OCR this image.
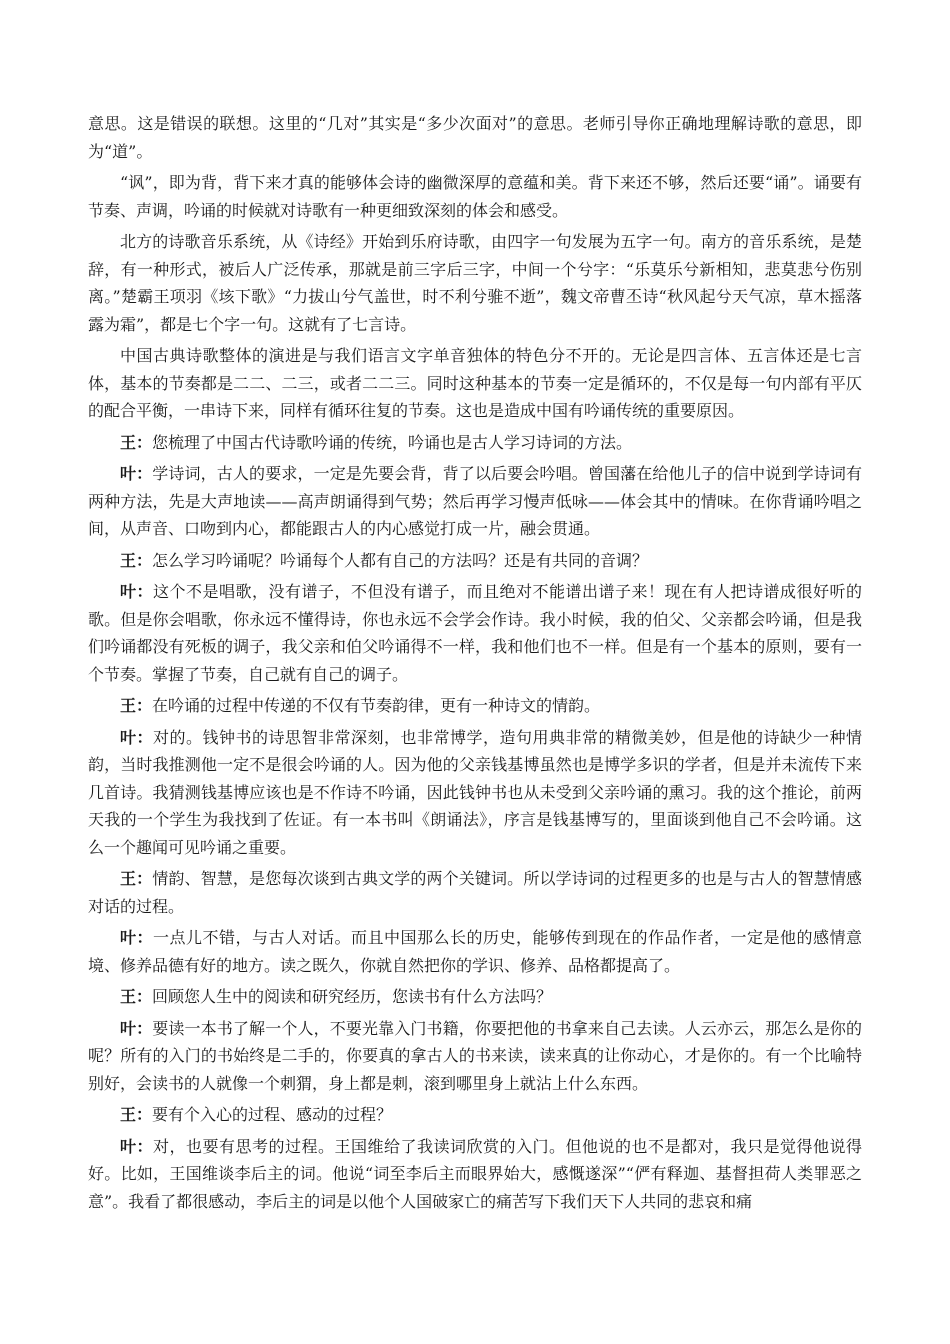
意思。这是错误的联想。这里的“几对”其实是“多少次面对”的意思。老师引导你正确地理解诗歌的意思，即为“道”。

“讽”，即为背，背下来才真的能够体会诗的幽微深厚的意蕴和美。背下来还不够，然后还要“诵”。诵要有节奏、声调，吟诵的时候就对诗歌有一种更细致深刻的体会和感受。

北方的诗歌音乐系统，从《诗经》开始到乐府诗歌，由四字一句发展为五字一句。南方的音乐系统，是楚辞，有一种形式，被后人广泛传承，那就是前三字后三字，中间一个兮字：“乐莫乐兮新相知，悲莫悲兮伤别离。”楚霸王项羽《垓下歌》“力拔山兮气盖世，时不利兮骓不逝”，魏文帝曹丕诗“秋风起兮天气凉，草木摇落露为霜”，都是七个字一句。这就有了七言诗。

中国古典诗歌整体的演进是与我们语言文字单音独体的特色分不开的。无论是四言体、五言体还是七言体，基本的节奏都是二二、二三，或者二二三。同时这种基本的节奏一定是循环的，不仅是每一句内部有平仄的配合平衡，一串诗下来，同样有循环往复的节奏。这也是造成中国有吟诵传统的重要原因。

王：您梳理了中国古代诗歌吟诵的传统，吟诵也是古人学习诗词的方法。

叶：学诗词，古人的要求，一定是先要会背，背了以后要会吟唱。曾国藩在给他儿子的信中说到学诗词有两种方法，先是大声地读——高声朗诵得到气势；然后再学习慢声低咏——体会其中的情味。在你背诵吟唱之间，从声音、口吻到内心，都能跟古人的内心感觉打成一片，融会贯通。

王：怎么学习吟诵呢？吟诵每个人都有自己的方法吗？还是有共同的音调？

叶：这个不是唱歌，没有谱子，不但没有谱子，而且绝对不能谱出谱子来！现在有人把诗谱成很好听的歌。但是你会唱歌，你永远不懂得诗，你也永远不会学会作诗。我小时候，我的伯父、父亲都会吟诵，但是我们吟诵都没有死板的调子，我父亲和伯父吟诵得不一样，我和他们也不一样。但是有一个基本的原则，要有一个节奏。掌握了节奏，自己就有自己的调子。

王：在吟诵的过程中传递的不仅有节奏韵律，更有一种诗文的情韵。

叶：对的。钱钟书的诗思智非常深刻，也非常博学，造句用典非常的精微美妙，但是他的诗缺少一种情韵，当时我推测他一定不是很会吟诵的人。因为他的父亲钱基博虽然也是博学多识的学者，但是并未流传下来几首诗。我猜测钱基博应该也是不作诗不吟诵，因此钱钟书也从未受到父亲吟诵的熏习。我的这个推论，前两天我的一个学生为我找到了佐证。有一本书叫《朗诵法》，序言是钱基博写的，里面谈到他自己不会吟诵。这么一个趣闻可见吟诵之重要。

王：情韵、智慧，是您每次谈到古典文学的两个关键词。所以学诗词的过程更多的也是与古人的智慧情感对话的过程。

叶：一点儿不错，与古人对话。而且中国那么长的历史，能够传到现在的作品作者，一定是他的感情意境、修养品德有好的地方。读之既久，你就自然把你的学识、修养、品格都提高了。

王：回顾您人生中的阅读和研究经历，您读书有什么方法吗？

叶：要读一本书了解一个人，不要光靠入门书籍，你要把他的书拿来自己去读。人云亦云，那怎么是你的呢？所有的入门的书始终是二手的，你要真的拿古人的书来读，读来真的让你动心，才是你的。有一个比喻特别好，会读书的人就像一个刺猬，身上都是刺，滚到哪里身上就沾上什么东西。

王：要有个入心的过程、感动的过程？

叶：对，也要有思考的过程。王国维给了我读词欣赏的入门。但他说的也不是都对，我只是觉得他说得好。比如，王国维谈李后主的词。他说“词至李后主而眼界始大，感慨遂深”“俨有释迦、基督担荷人类罪恶之意”。我看了都很感动，李后主的词是以他个人国破家亡的痛苦写下我们天下人共同的悲哀和痛
